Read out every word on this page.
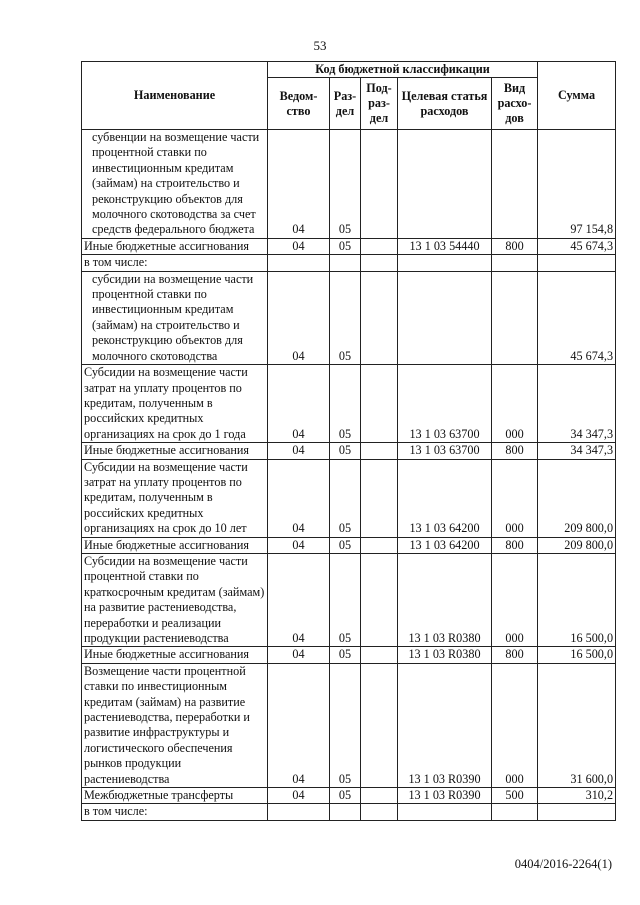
53
Наименование	Код бюджетной классификации					Сумма
	Ведом-ство	Раз-дел	Под-раз-дел	Целевая статья расходов	Вид расхо-дов	
субвенции на возмещение части процентной ставки по инвестиционным кредитам (займам) на строительство и реконструкцию объектов для молочного скотоводства за счет средств федерального бюджета	04	05				97 154,8
Иные бюджетные ассигнования	04	05		13 1 03 54440	800	45 674,3
в том числе:						
субсидии на возмещение части процентной ставки по инвестиционным кредитам (займам) на строительство и реконструкцию объектов для молочного скотоводства	04	05				45 674,3
Субсидии на возмещение части затрат на уплату процентов по кредитам, полученным в российских кредитных организациях на срок до 1 года	04	05		13 1 03 63700	000	34 347,3
Иные бюджетные ассигнования	04	05		13 1 03 63700	800	34 347,3
Субсидии на возмещение части затрат на уплату процентов по кредитам, полученным в российских кредитных организациях на срок до 10 лет	04	05		13 1 03 64200	000	209 800,0
Иные бюджетные ассигнования	04	05		13 1 03 64200	800	209 800,0
Субсидии на возмещение части процентной ставки по краткосрочным кредитам (займам) на развитие растениеводства, переработки и реализации продукции растениеводства	04	05		13 1 03 R0380	000	16 500,0
Иные бюджетные ассигнования	04	05		13 1 03 R0380	800	16 500,0
Возмещение части процентной ставки по инвестиционным кредитам (займам) на развитие растениеводства, переработки и развитие инфраструктуры и логистического обеспечения рынков продукции растениеводства	04	05		13 1 03 R0390	000	31 600,0
Межбюджетные трансферты	04	05		13 1 03 R0390	500	310,2
в том числе:						
0404/2016-2264(1)
